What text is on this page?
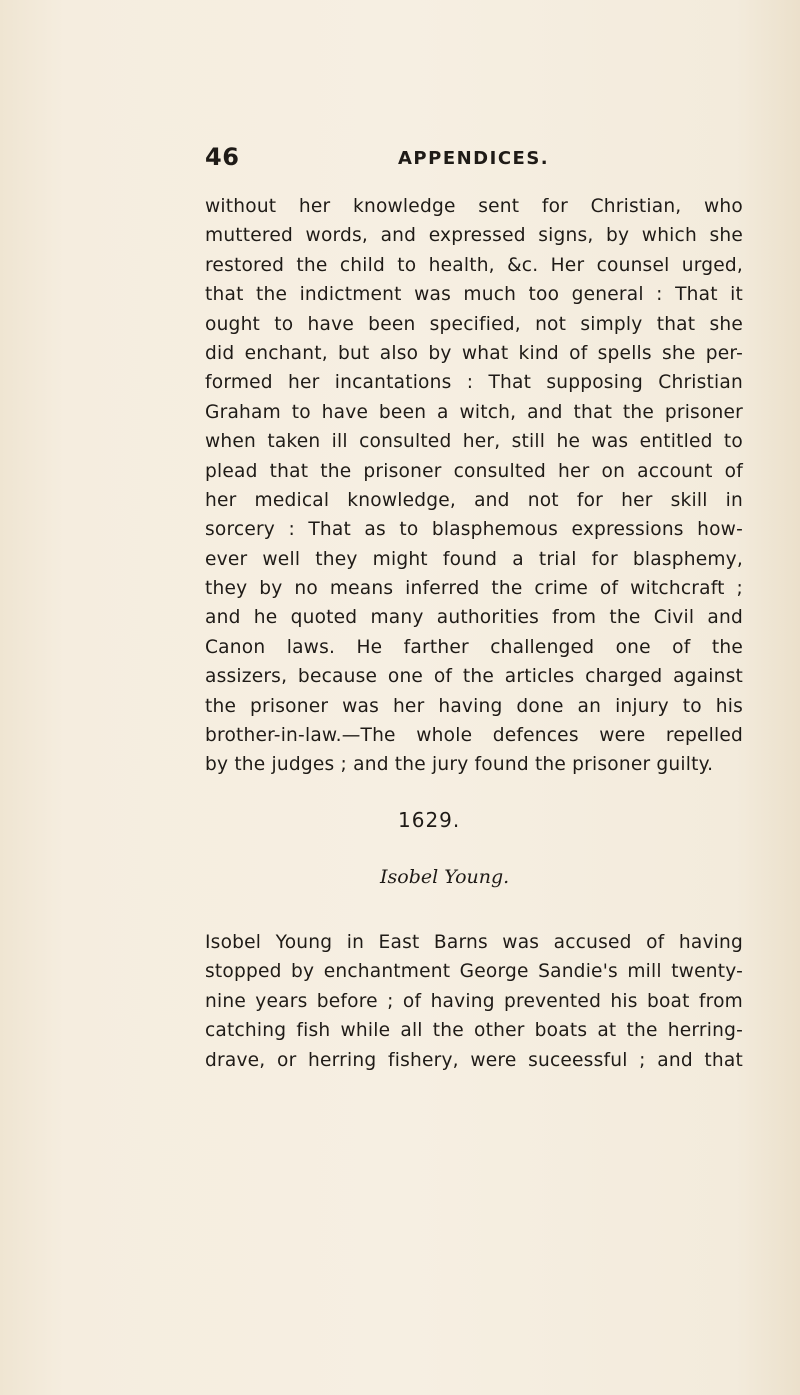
46	APPENDICES.
without her knowledge sent for Christian, who
muttered words, and expressed signs, by which she
restored the child to health, &c. Her counsel urged,
that the indictment was much too general : That it
ought to have been specified, not simply that she
did enchant, but also by what kind of spells she per-
formed her incantations : That supposing Christian
Graham to have been a witch, and that the prisoner
when taken ill consulted her, still he was entitled to
plead that the prisoner consulted her on account of
her medical knowledge, and not for her skill in
sorcery : That as to blasphemous expressions how-
ever well they might found a trial for blasphemy,
they by no means inferred the crime of witchcraft ;
and he quoted many authorities from the Civil and
Canon laws. He farther challenged one of the
assizers, because one of the articles charged against
the prisoner was her having done an injury to his
brother-in-law.—The whole defences were repelled
by the judges ; and the jury found the prisoner guilty.
1629.
Isobel Young.
Isobel Young in East Barns was accused of having
stopped by enchantment George Sandie's mill twenty-
nine years before ; of having prevented his boat from
catching fish while all the other boats at the herring-
drave, or herring fishery, were suceessful ; and that
